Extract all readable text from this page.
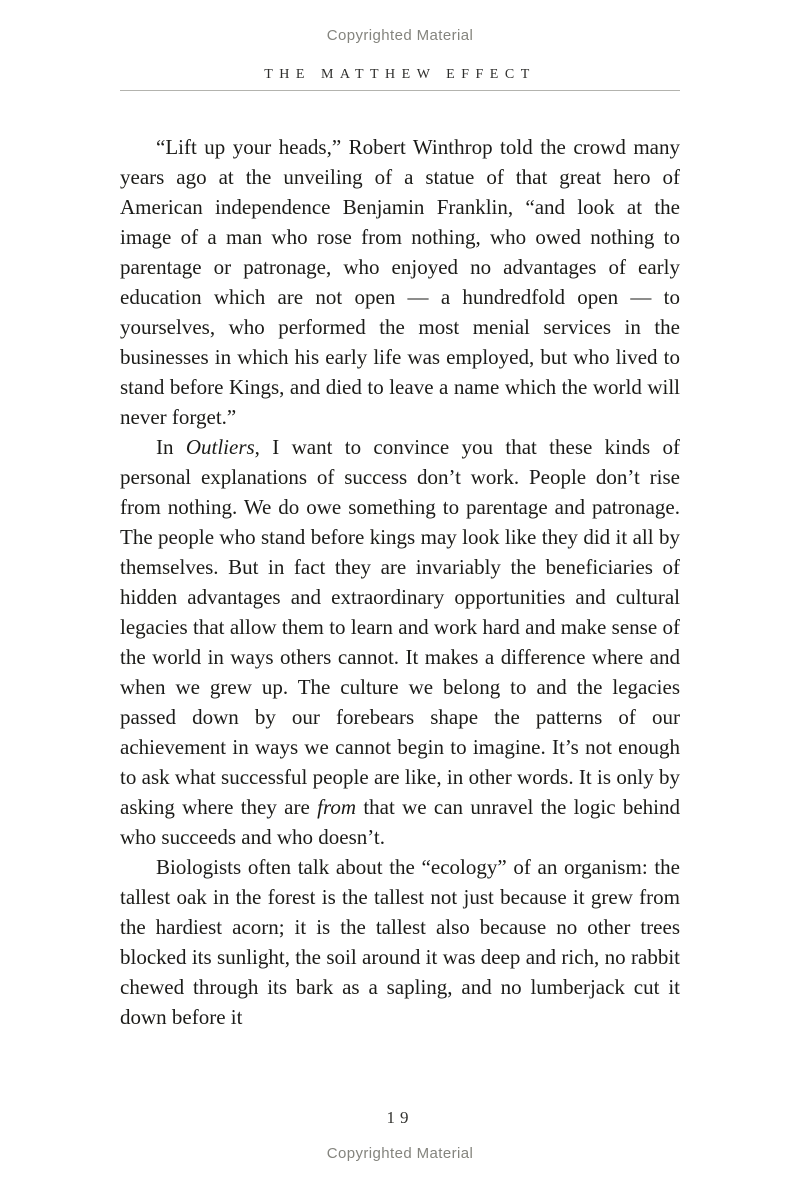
Copyrighted Material
THE MATTHEW EFFECT

“Lift up your heads,” Robert Winthrop told the crowd many years ago at the unveiling of a statue of that great hero of American independence Benjamin Franklin, “and look at the image of a man who rose from nothing, who owed nothing to parentage or patronage, who enjoyed no advantages of early education which are not open — a hundredfold open — to yourselves, who performed the most menial services in the businesses in which his early life was employed, but who lived to stand before Kings, and died to leave a name which the world will never forget.”

In Outliers, I want to convince you that these kinds of personal explanations of success don’t work. People don’t rise from nothing. We do owe something to parentage and patronage. The people who stand before kings may look like they did it all by themselves. But in fact they are invariably the beneficiaries of hidden advantages and extraordinary opportunities and cultural legacies that allow them to learn and work hard and make sense of the world in ways others cannot. It makes a difference where and when we grew up. The culture we belong to and the legacies passed down by our forebears shape the patterns of our achievement in ways we cannot begin to imagine. It’s not enough to ask what successful people are like, in other words. It is only by asking where they are from that we can unravel the logic behind who succeeds and who doesn’t.

Biologists often talk about the “ecology” of an organism: the tallest oak in the forest is the tallest not just because it grew from the hardiest acorn; it is the tallest also because no other trees blocked its sunlight, the soil around it was deep and rich, no rabbit chewed through its bark as a sapling, and no lumberjack cut it down before it

19
Copyrighted Material
